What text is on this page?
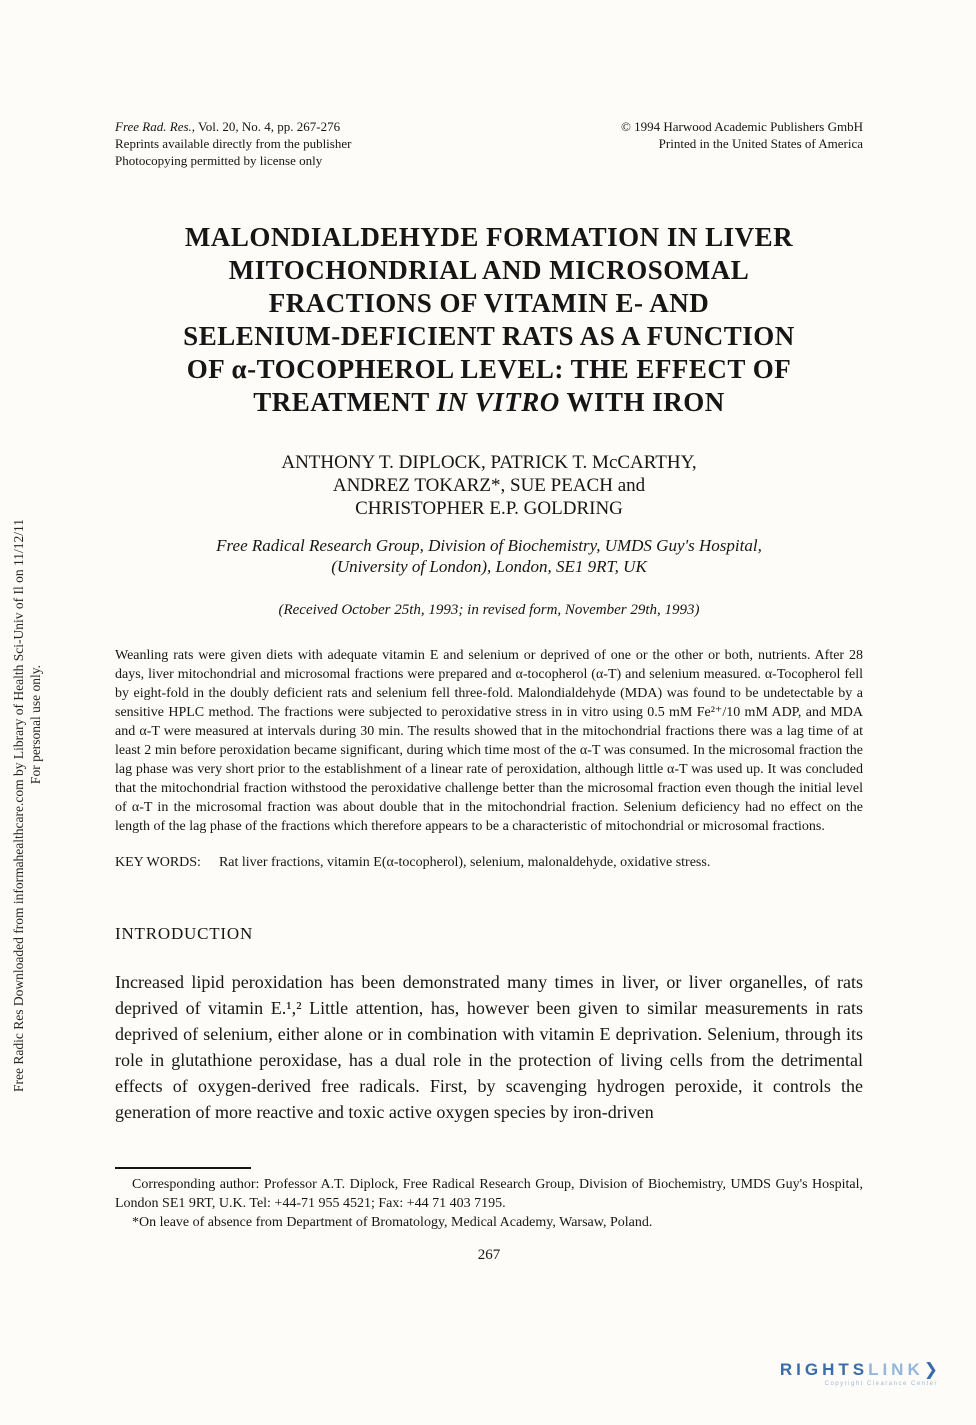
Free Radic Res Downloaded from informahealthcare.com by Library of Health Sci-Univ of Il on 11/12/11 For personal use only.
Free Rad. Res., Vol. 20, No. 4, pp. 267-276
Reprints available directly from the publisher
Photocopying permitted by license only
© 1994 Harwood Academic Publishers GmbH
Printed in the United States of America
MALONDIALDEHYDE FORMATION IN LIVER
MITOCHONDRIAL AND MICROSOMAL
FRACTIONS OF VITAMIN E- AND
SELENIUM-DEFICIENT RATS AS A FUNCTION
OF α-TOCOPHEROL LEVEL: THE EFFECT OF
TREATMENT IN VITRO WITH IRON
ANTHONY T. DIPLOCK, PATRICK T. McCARTHY,
ANDREZ TOKARZ*, SUE PEACH and
CHRISTOPHER E.P. GOLDRING
Free Radical Research Group, Division of Biochemistry, UMDS Guy's Hospital,
(University of London), London, SE1 9RT, UK
(Received October 25th, 1993; in revised form, November 29th, 1993)
Weanling rats were given diets with adequate vitamin E and selenium or deprived of one or the other or both, nutrients. After 28 days, liver mitochondrial and microsomal fractions were prepared and α-tocopherol (α-T) and selenium measured. α-Tocopherol fell by eight-fold in the doubly deficient rats and selenium fell three-fold. Malondialdehyde (MDA) was found to be undetectable by a sensitive HPLC method. The fractions were subjected to peroxidative stress in in vitro using 0.5 mM Fe²⁺/10 mM ADP, and MDA and α-T were measured at intervals during 30 min. The results showed that in the mitochondrial fractions there was a lag time of at least 2 min before peroxidation became significant, during which time most of the α-T was consumed. In the microsomal fraction the lag phase was very short prior to the establishment of a linear rate of peroxidation, although little α-T was used up. It was concluded that the mitochondrial fraction withstood the peroxidative challenge better than the microsomal fraction even though the initial level of α-T in the microsomal fraction was about double that in the mitochondrial fraction. Selenium deficiency had no effect on the length of the lag phase of the fractions which therefore appears to be a characteristic of mitochondrial or microsomal fractions.
KEY WORDS: Rat liver fractions, vitamin E(α-tocopherol), selenium, malonaldehyde, oxidative stress.
INTRODUCTION
Increased lipid peroxidation has been demonstrated many times in liver, or liver organelles, of rats deprived of vitamin E.¹,² Little attention, has, however been given to similar measurements in rats deprived of selenium, either alone or in combination with vitamin E deprivation. Selenium, through its role in glutathione peroxidase, has a dual role in the protection of living cells from the detrimental effects of oxygen-derived free radicals. First, by scavenging hydrogen peroxide, it controls the generation of more reactive and toxic active oxygen species by iron-driven

Corresponding author: Professor A.T. Diplock, Free Radical Research Group, Division of Biochemistry, UMDS Guy's Hospital, London SE1 9RT, U.K. Tel: +44-71 955 4521; Fax: +44 71 403 7195.

*On leave of absence from Department of Bromatology, Medical Academy, Warsaw, Poland.

267
RIGHTSLINK❯
Copyright Clearance Center
